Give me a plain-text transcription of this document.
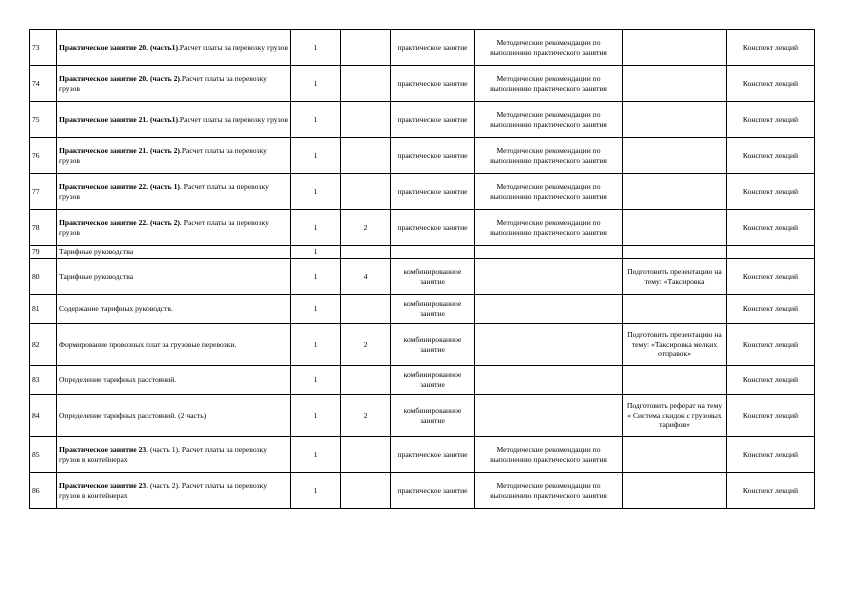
73	Практическое занятие 20. (часть1).Расчет платы за перевозку грузов	1		практическое занятие	Методические рекомендации по выполнению практического занятия		Конспект лекций
74	Практическое занятие 20. (часть 2).Расчет платы за перевозку грузов	1		практическое занятие	Методические рекомендации по выполнению практического занятия		Конспект лекций
75	Практическое занятие 21. (часть1).Расчет платы за перевозку грузов	1		практическое занятие	Методические рекомендации по выполнению практического занятия		Конспект лекций
76	Практическое занятие 21. (часть 2).Расчет платы за перевозку грузов	1		практическое занятие	Методические рекомендации по выполнению практического занятия		Конспект лекций
77	Практическое занятие 22. (часть 1). Расчет платы за перевозку грузов	1		практическое занятие	Методические рекомендации по выполнению практического занятия		Конспект лекций
78	Практическое занятие 22. (часть 2). Расчет платы за перевозку грузов	1	2	практическое занятие	Методические рекомендации по выполнению практического занятия		Конспект лекций
79	Тарифные руководства	1					
80	Тарифные руководства	1	4	комбинированное занятие		Подготовить презентацию на тему: «Таксировка	Конспект лекций
81	Содержание тарифных руководств.	1		комбинированное занятие			Конспект лекций
82	Формирование провозных плат за грузовые перевозки.	1	2	комбинированное занятие		Подготовить презентацию на тему: «Таксировка мелких отправок»	Конспект лекций
83	Определение тарифных расстояний.	1		комбинированное занятие			Конспект лекций
84	Определение тарифных расстояний. (2 часть)	1	2	комбинированное занятие		Подготовить реферат на тему « Система скидок с грузовых тарифов»	Конспект лекций
85	Практическое занятие 23. (часть 1). Расчет платы за перевозку грузов в контейнерах	1		практическое занятие	Методические рекомендации по выполнению практического занятия		Конспект лекций
86	Практическое занятие 23. (часть 2). Расчет платы за перевозку грузов в контейнерах	1		практическое занятие	Методические рекомендации по выполнению практического занятия		Конспект лекций
